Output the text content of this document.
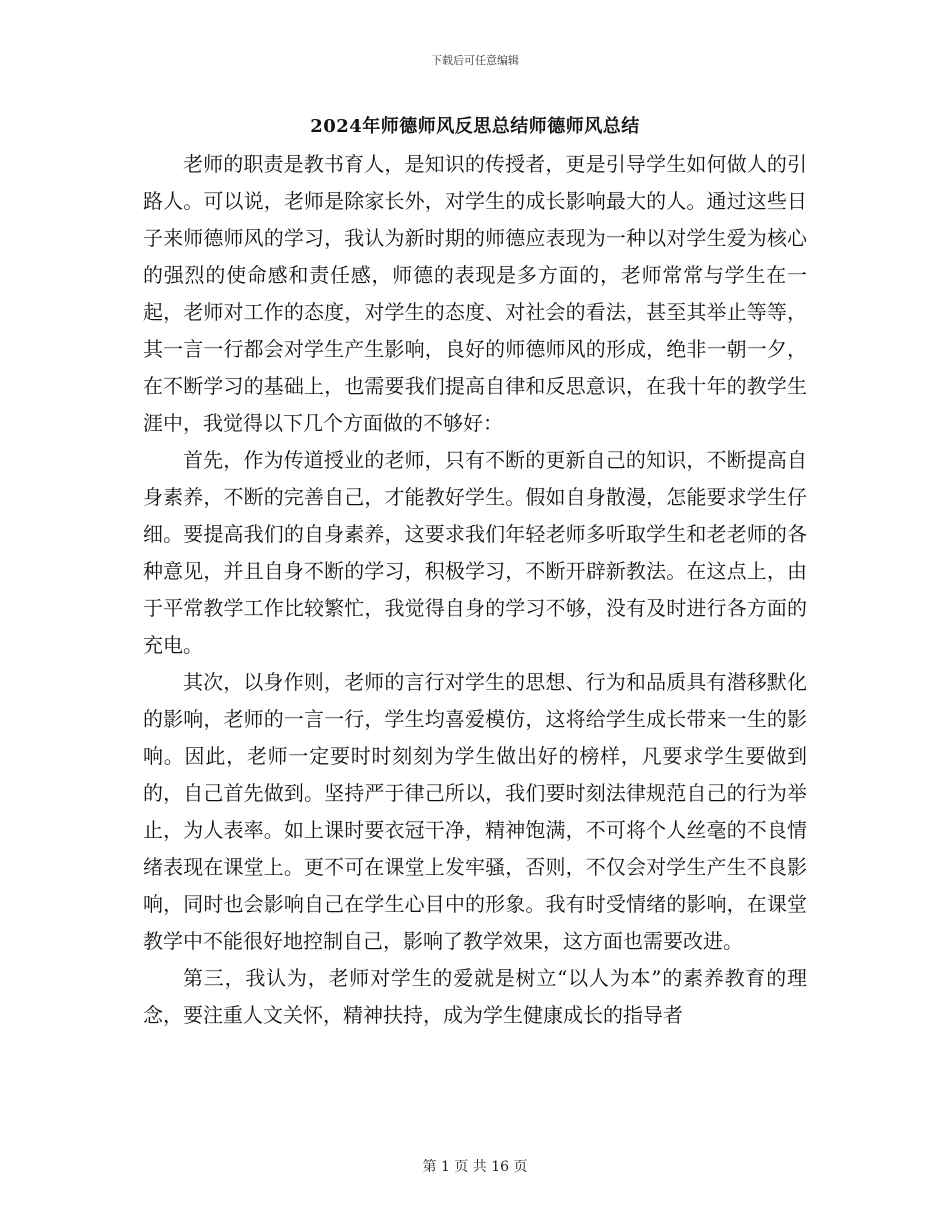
下载后可任意编辑
2024年师德师风反思总结师德师风总结

老师的职责是教书育人，是知识的传授者，更是引导学生如何做人的引路人。可以说，老师是除家长外，对学生的成长影响最大的人。通过这些日子来师德师风的学习，我认为新时期的师德应表现为一种以对学生爱为核心的强烈的使命感和责任感，师德的表现是多方面的，老师常常与学生在一起，老师对工作的态度，对学生的态度、对社会的看法，甚至其举止等等，其一言一行都会对学生产生影响，良好的师德师风的形成，绝非一朝一夕，在不断学习的基础上，也需要我们提高自律和反思意识，在我十年的教学生涯中，我觉得以下几个方面做的不够好：

首先，作为传道授业的老师，只有不断的更新自己的知识，不断提高自身素养，不断的完善自己，才能教好学生。假如自身散漫，怎能要求学生仔细。要提高我们的自身素养，这要求我们年轻老师多听取学生和老老师的各种意见，并且自身不断的学习，积极学习，不断开辟新教法。在这点上，由于平常教学工作比较繁忙，我觉得自身的学习不够，没有及时进行各方面的充电。

其次，以身作则，老师的言行对学生的思想、行为和品质具有潜移默化的影响，老师的一言一行，学生均喜爱模仿，这将给学生成长带来一生的影响。因此，老师一定要时时刻刻为学生做出好的榜样，凡要求学生要做到的，自己首先做到。坚持严于律己所以，我们要时刻法律规范自己的行为举止，为人表率。如上课时要衣冠干净，精神饱满，不可将个人丝毫的不良情绪表现在课堂上。更不可在课堂上发牢骚，否则，不仅会对学生产生不良影响，同时也会影响自己在学生心目中的形象。我有时受情绪的影响，在课堂教学中不能很好地控制自己，影响了教学效果，这方面也需要改进。

第三，我认为，老师对学生的爱就是树立“以人为本”的素养教育的理念，要注重人文关怀，精神扶持，成为学生健康成长的指导者

第 1 页 共 16 页
